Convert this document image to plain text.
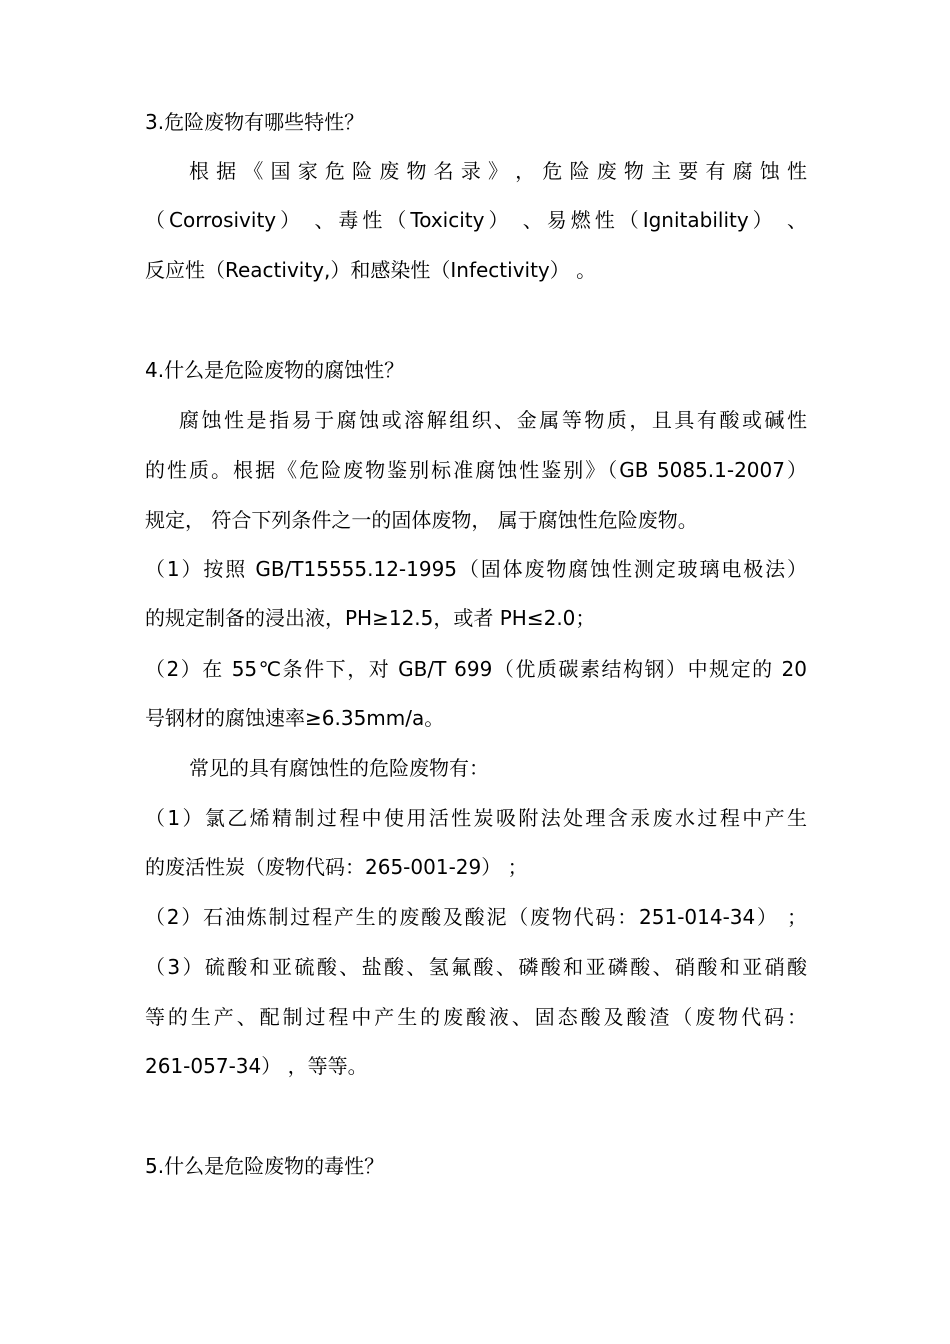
3.危险废物有哪些特性？
根 据 《 国 家 危 险 废 物 名 录 》 ， 危 险 废 物 主 要 有 腐 蚀 性
（Corrosivity） 、毒性（Toxicity） 、易燃性（Ignitability） 、
反应性（Reactivity,）和感染性（Infectivity） 。
4.什么是危险废物的腐蚀性？
腐蚀性是指易于腐蚀或溶解组织、金属等物质，且具有酸或碱性
的性质。根据《危险废物鉴别标准腐蚀性鉴别》（GB 5085.1-2007）
规定， 符合下列条件之一的固体废物， 属于腐蚀性危险废物。
（1）按照 GB/T15555.12-1995（固体废物腐蚀性测定玻璃电极法）
的规定制备的浸出液，PH≥12.5，或者 PH≤2.0；
（2）在 55℃条件下，对 GB/T 699（优质碳素结构钢）中规定的 20
号钢材的腐蚀速率≥6.35mm/a。
常见的具有腐蚀性的危险废物有：
（1）氯乙烯精制过程中使用活性炭吸附法处理含汞废水过程中产生
的废活性炭（废物代码：265-001-29） ；
（2）石油炼制过程产生的废酸及酸泥（废物代码：251-014-34） ；
（3）硫酸和亚硫酸、盐酸、氢氟酸、磷酸和亚磷酸、硝酸和亚硝酸
等的生产、配制过程中产生的废酸液、固态酸及酸渣（废物代码：
261-057-34） ，等等。
5.什么是危险废物的毒性？
